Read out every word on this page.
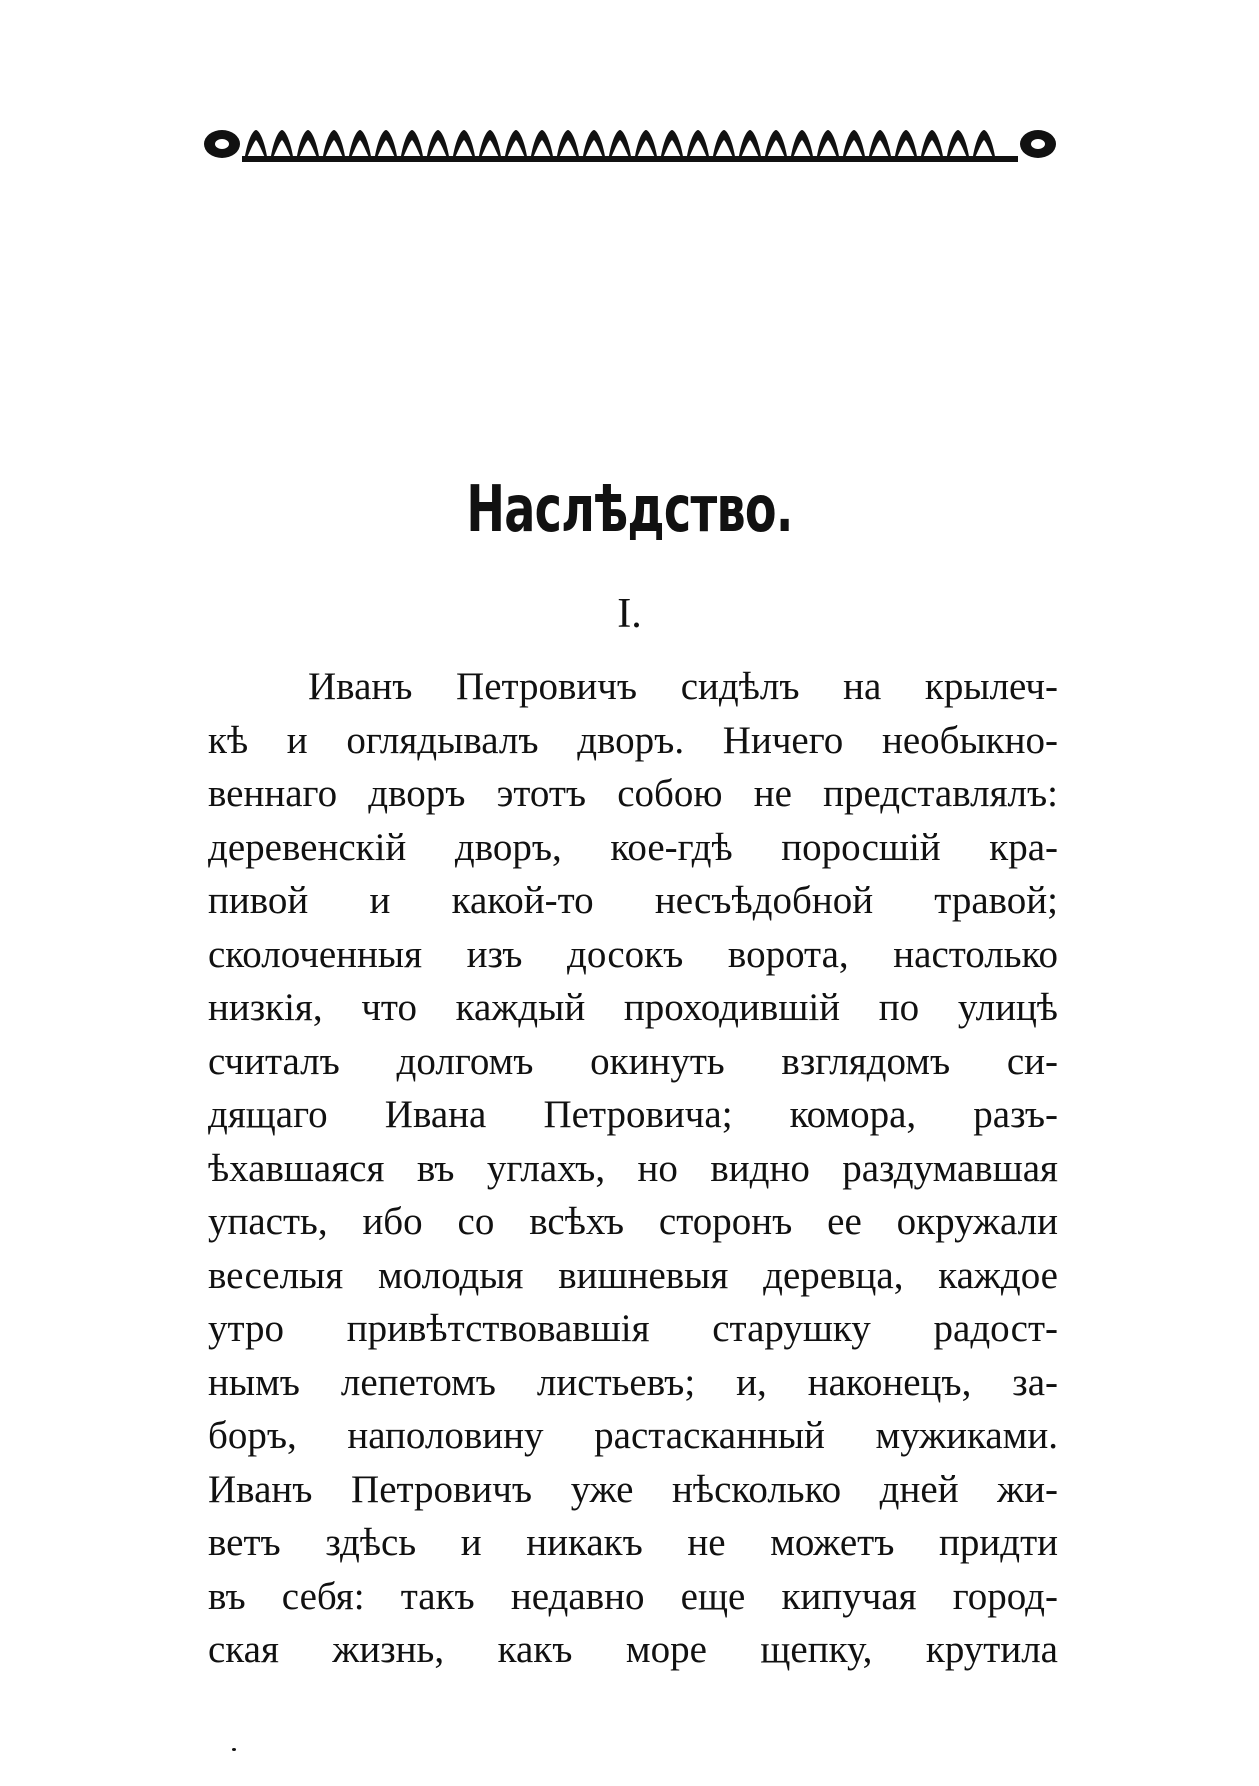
Наслѣдство.
I.
Иванъ Петровичъ сидѣлъ на крылеч-
кѣ и оглядывалъ дворъ. Ничего необыкно-
веннаго дворъ этотъ собою не представлялъ:
деревенскій дворъ, кое-гдѣ поросшій кра-
пивой и какой-то несъѣдобной травой;
сколоченныя изъ досокъ ворота, настолько
низкія, что каждый проходившій по улицѣ
считалъ долгомъ окинуть взглядомъ си-
дящаго Ивана Петровича; комора, разъ-
ѣхавшаяся въ углахъ, но видно раздумавшая
упасть, ибо со всѣхъ сторонъ ее окружали
веселыя молодыя вишневыя деревца, каждое
утро привѣтствовавшія старушку радост-
нымъ лепетомъ листьевъ; и, наконецъ, за-
боръ, наполовину растасканный мужиками.
Иванъ Петровичъ уже нѣсколько дней жи-
ветъ здѣсь и никакъ не можетъ придти
въ себя: такъ недавно еще кипучая город-
ская жизнь, какъ море щепку, крутила
